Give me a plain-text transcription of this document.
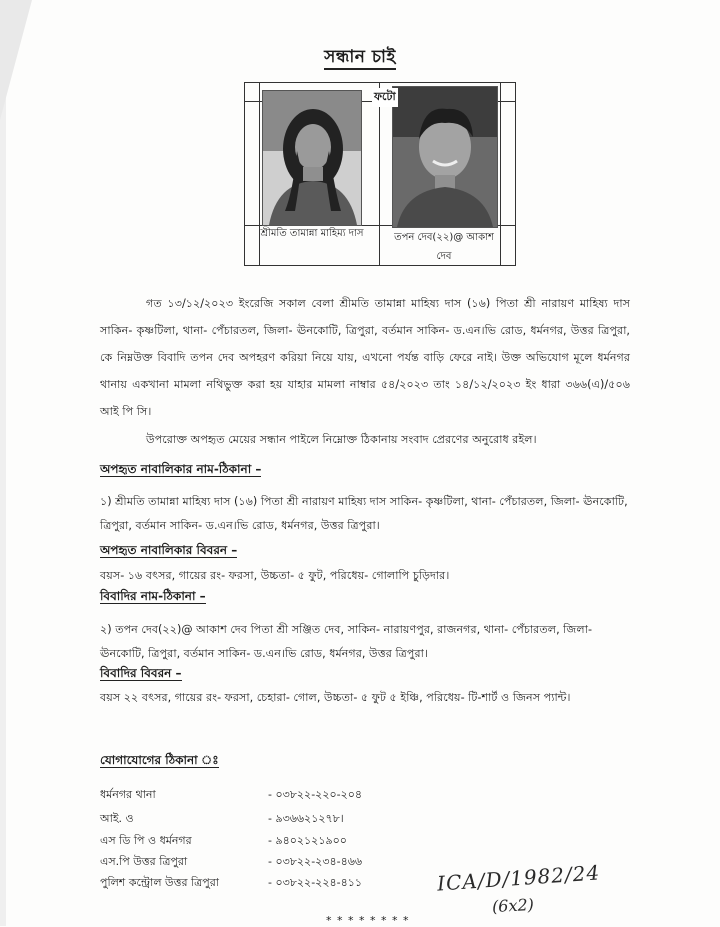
সন্ধান চাই
ফটো
শ্রীমতি তামান্না মাহিম্য দাস	তপন দেব(২২)@ আকাশ দেব
গত ১৩/১২/২০২৩ ইংরেজি সকাল বেলা শ্রীমতি তামান্না মাহিষ্য দাস (১৬) পিতা শ্রী নারায়ণ মাহিষ্য দাস সাকিন- কৃষ্ণটিলা, থানা- পেঁচারতল, জিলা- ঊনকোটি, ত্রিপুরা, বর্তমান সাকিন- ড.এন।ভি রোড, ধর্মনগর, উত্তর ত্রিপুরা, কে নিম্নউক্ত বিবাদি তপন দেব অপহরণ করিয়া নিয়ে যায়, এখনো পর্যন্ত বাড়ি ফেরে নাই। উক্ত অভিযোগ মূলে ধর্মনগর থানায় একখানা মামলা নথিভুক্ত করা হয় যাহার মামলা নাম্বার ৫৪/২০২৩ তাং ১৪/১২/২০২৩ ইং ধারা ৩৬৬(এ)/৫০৬ আই পি সি।
উপরোক্ত অপহৃত মেয়ের সন্ধান পাইলে নিম্নোক্ত ঠিকানায় সংবাদ প্রেরণের অনুরোধ রইল।
অপহৃত নাবালিকার নাম-ঠিকানা –
১) শ্রীমতি তামান্না মাহিষ্য দাস (১৬) পিতা শ্রী নারায়ণ মাহিষ্য দাস সাকিন- কৃষ্ণটিলা, থানা- পেঁচারতল, জিলা- ঊনকোটি, ত্রিপুরা, বর্তমান সাকিন- ড.এন।ভি রোড, ধর্মনগর, উত্তর ত্রিপুরা।
অপহৃত নাবালিকার বিবরন –
বয়স- ১৬ বৎসর, গায়ের রং- ফরসা, উচ্চতা- ৫ ফুট, পরিধেয়- গোলাপি চুড়িদার।
বিবাদির নাম-ঠিকানা –
২) তপন দেব(২২)@ আকাশ দেব পিতা শ্রী সঞ্জিত দেব, সাকিন- নারায়ণপুর, রাজনগর, থানা- পেঁচারতল, জিলা- ঊনকোটি, ত্রিপুরা, বর্তমান সাকিন- ড.এন।ভি রোড, ধর্মনগর, উত্তর ত্রিপুরা।
বিবাদির বিবরন –
বয়স ২২ বৎসর, গায়ের রং- ফরসা, চেহারা- গোল, উচ্চতা- ৫ ফুট ৫ ইঞ্চি, পরিধেয়- টি-শার্ট ও জিনস প্যান্ট।
যোগাযোগের ঠিকানা ঃ
ধর্মনগর থানা	- ০৩৮২২-২২০-২০৪
আই. ও	- ৯৩৬৬২১২৭৮।
এস ডি পি ও ধর্মনগর	- ৯৪০২১২১৯০০
এস.পি উত্তর ত্রিপুরা	- ০৩৮২২-২৩৪-৪৬৬
পুলিশ কন্ট্রোল উত্তর ত্রিপুরা	- ০৩৮২২-২২৪-৪১১	ICA/D/1982/24
(6x2)
* * * * * * * *
